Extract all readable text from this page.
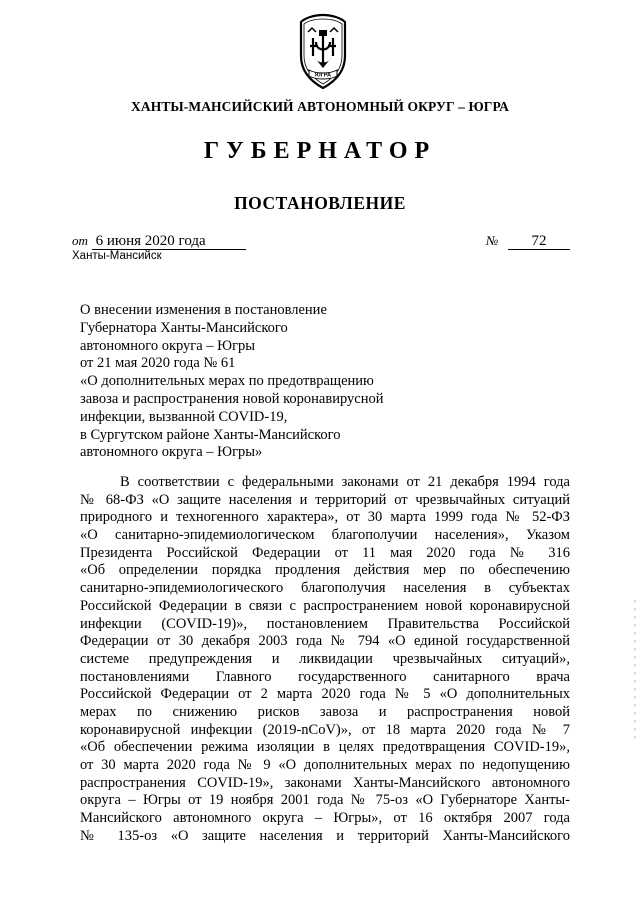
ЮГРА
ХАНТЫ-МАНСИЙСКИЙ АВТОНОМНЫЙ ОКРУГ – ЮГРА
ГУБЕРНАТОР
ПОСТАНОВЛЕНИЕ
от 6 июня 2020 года
Ханты-Мансийск
№ 72
О внесении изменения в постановление
Губернатора Ханты-Мансийского
автономного округа – Югры
от 21 мая 2020 года № 61
«О дополнительных мерах по предотвращению
завоза и распространения новой коронавирусной
инфекции, вызванной COVID-19,
в Сургутском районе Ханты-Мансийского
автономного округа – Югры»
В соответствии с федеральными законами от 21 декабря 1994 года
№ 68-ФЗ «О защите населения и территорий от чрезвычайных ситуаций
природного и техногенного характера», от 30 марта 1999 года № 52-ФЗ
«О санитарно-эпидемиологическом благополучии населения», Указом
Президента Российской Федерации от 11 мая 2020 года № 316
«Об определении порядка продления действия мер по обеспечению
санитарно-эпидемиологического благополучия населения в субъектах
Российской Федерации в связи с распространением новой коронавирусной
инфекции (COVID-19)», постановлением Правительства Российской
Федерации от 30 декабря 2003 года № 794 «О единой государственной
системе предупреждения и ликвидации чрезвычайных ситуаций»,
постановлениями Главного государственного санитарного врача
Российской Федерации от 2 марта 2020 года № 5 «О дополнительных
мерах по снижению рисков завоза и распространения новой
коронавирусной инфекции (2019-nCoV)», от 18 марта 2020 года № 7
«Об обеспечении режима изоляции в целях предотвращения COVID-19»,
от 30 марта 2020 года № 9 «О дополнительных мерах по недопущению
распространения COVID-19», законами Ханты-Мансийского автономного
округа – Югры от 19 ноября 2001 года № 75-оз «О Губернаторе Ханты-
Мансийского автономного округа – Югры», от 16 октября 2007 года
№ 135-оз «О защите населения и территорий Ханты-Мансийского
